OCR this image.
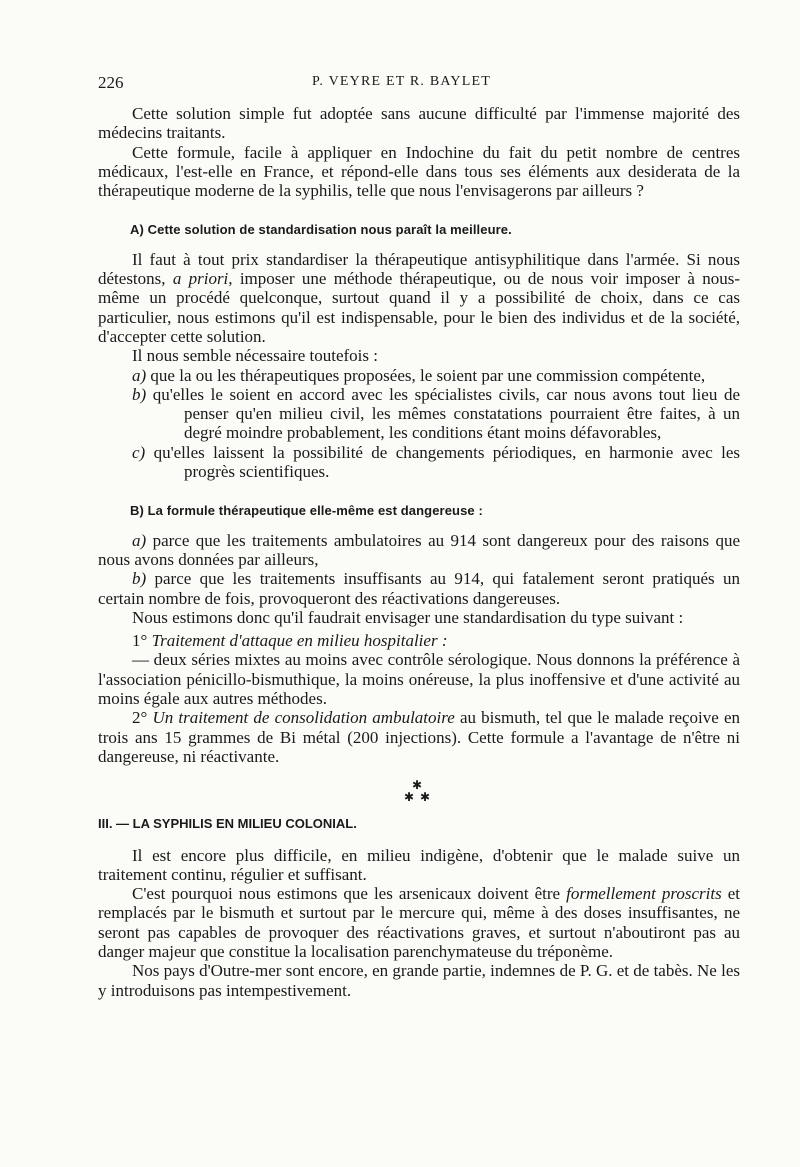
226	P. VEYRE ET R. BAYLET

Cette solution simple fut adoptée sans aucune difficulté par l'immense majorité des médecins traitants.

Cette formule, facile à appliquer en Indochine du fait du petit nombre de centres médicaux, l'est-elle en France, et répond-elle dans tous ses éléments aux desiderata de la thérapeutique moderne de la syphilis, telle que nous l'envisagerons par ailleurs ?

A) Cette solution de standardisation nous paraît la meilleure.

Il faut à tout prix standardiser la thérapeutique antisyphilitique dans l'armée. Si nous détestons, a priori, imposer une méthode thérapeutique, ou de nous voir imposer à nous-même un procédé quelconque, surtout quand il y a possibilité de choix, dans ce cas particulier, nous estimons qu'il est indispensable, pour le bien des individus et de la société, d'accepter cette solution.

Il nous semble nécessaire toutefois :

a) que la ou les thérapeutiques proposées, le soient par une commission compétente,

b) qu'elles le soient en accord avec les spécialistes civils, car nous avons tout lieu de penser qu'en milieu civil, les mêmes constatations pourraient être faites, à un degré moindre probablement, les conditions étant moins défavorables,

c) qu'elles laissent la possibilité de changements périodiques, en harmonie avec les progrès scientifiques.

B) La formule thérapeutique elle-même est dangereuse :

a) parce que les traitements ambulatoires au 914 sont dangereux pour des raisons que nous avons données par ailleurs,

b) parce que les traitements insuffisants au 914, qui fatalement seront pratiqués un certain nombre de fois, provoqueront des réactivations dangereuses.

Nous estimons donc qu'il faudrait envisager une standardisation du type suivant :

1° Traitement d'attaque en milieu hospitalier :

— deux séries mixtes au moins avec contrôle sérologique. Nous donnons la préférence à l'association pénicillo-bismuthique, la moins onéreuse, la plus inoffensive et d'une activité au moins égale aux autres méthodes.

2° Un traitement de consolidation ambulatoire au bismuth, tel que le malade reçoive en trois ans 15 grammes de Bi métal (200 injections). Cette formule a l'avantage de n'être ni dangereuse, ni réactivante.

✱
✱ ✱
III. — LA SYPHILIS EN MILIEU COLONIAL.

Il est encore plus difficile, en milieu indigène, d'obtenir que le malade suive un traitement continu, régulier et suffisant.

C'est pourquoi nous estimons que les arsenicaux doivent être formellement proscrits et remplacés par le bismuth et surtout par le mercure qui, même à des doses insuffisantes, ne seront pas capables de provoquer des réactivations graves, et surtout n'aboutiront pas au danger majeur que constitue la localisation parenchymateuse du tréponème.

Nos pays d'Outre-mer sont encore, en grande partie, indemnes de P. G. et de tabès. Ne les y introduisons pas intempestivement.
